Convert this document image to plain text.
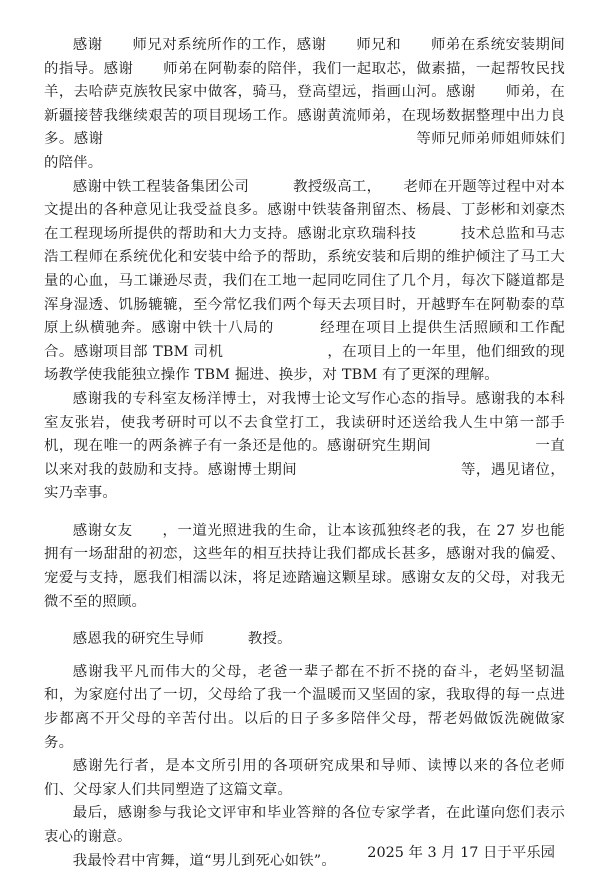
感谢　　师兄对系统所作的工作，感谢　　师兄和　　师弟在系统安装期间的指导。感谢　　师弟在阿勒泰的陪伴，我们一起取芯，做素描，一起帮牧民找羊，去哈萨克族牧民家中做客，骑马，登高望远，指画山河。感谢　　师弟，在新疆接替我继续艰苦的项目现场工作。感谢黄流师弟，在现场数据整理中出力良多。感谢　　　　　　　　　　　　　　　　　　　　　等师兄师弟师姐师妹们的陪伴。

感谢中铁工程装备集团公司　　　教授级高工，　　老师在开题等过程中对本文提出的各种意见让我受益良多。感谢中铁装备荆留杰、杨晨、丁彭彬和刘豪杰在工程现场所提供的帮助和大力支持。感谢北京玖瑞科技　　　技术总监和马志浩工程师在系统优化和安装中给予的帮助，系统安装和后期的维护倾注了马工大量的心血，马工谦逊尽责，我们在工地一起同吃同住了几个月，每次下隧道都是浑身湿透、饥肠辘辘，至今常忆我们两个每天去项目时，开越野车在阿勒泰的草原上纵横驰奔。感谢中铁十八局的　　　经理在项目上提供生活照顾和工作配合。感谢项目部 TBM 司机　　　　　　　，在项目上的一年里，他们细致的现场教学使我能独立操作 TBM 掘进、换步，对 TBM 有了更深的理解。

感谢我的专科室友杨洋博士，对我博士论文写作心态的指导。感谢我的本科室友张岩，使我考研时可以不去食堂打工，我读研时还送给我人生中第一部手机，现在唯一的两条裤子有一条还是他的。感谢研究生期间　　　　　　　一直以来对我的鼓励和支持。感谢博士期间　　　　　　　　　　　等，遇见诸位，实乃幸事。

感谢女友　　，一道光照进我的生命，让本该孤独终老的我，在 27 岁也能拥有一场甜甜的初恋，这些年的相互扶持让我们都成长甚多，感谢对我的偏爱、宠爱与支持，愿我们相濡以沫，将足迹踏遍这颗星球。感谢女友的父母，对我无微不至的照顾。

感恩我的研究生导师　　　教授。

感谢我平凡而伟大的父母，老爸一辈子都在不折不挠的奋斗，老妈坚韧温和，为家庭付出了一切，父母给了我一个温暖而又坚固的家，我取得的每一点进步都离不开父母的辛苦付出。以后的日子多多陪伴父母，帮老妈做饭洗碗做家务。

感谢先行者，是本文所引用的各项研究成果和导师、读博以来的各位老师们、父母家人们共同塑造了这篇文章。

最后，感谢参与我论文评审和毕业答辩的各位专家学者，在此谨向您们表示衷心的谢意。

我最怜君中宵舞，道“男儿到死心如铁”。	2025 年 3 月 17 日于平乐园
